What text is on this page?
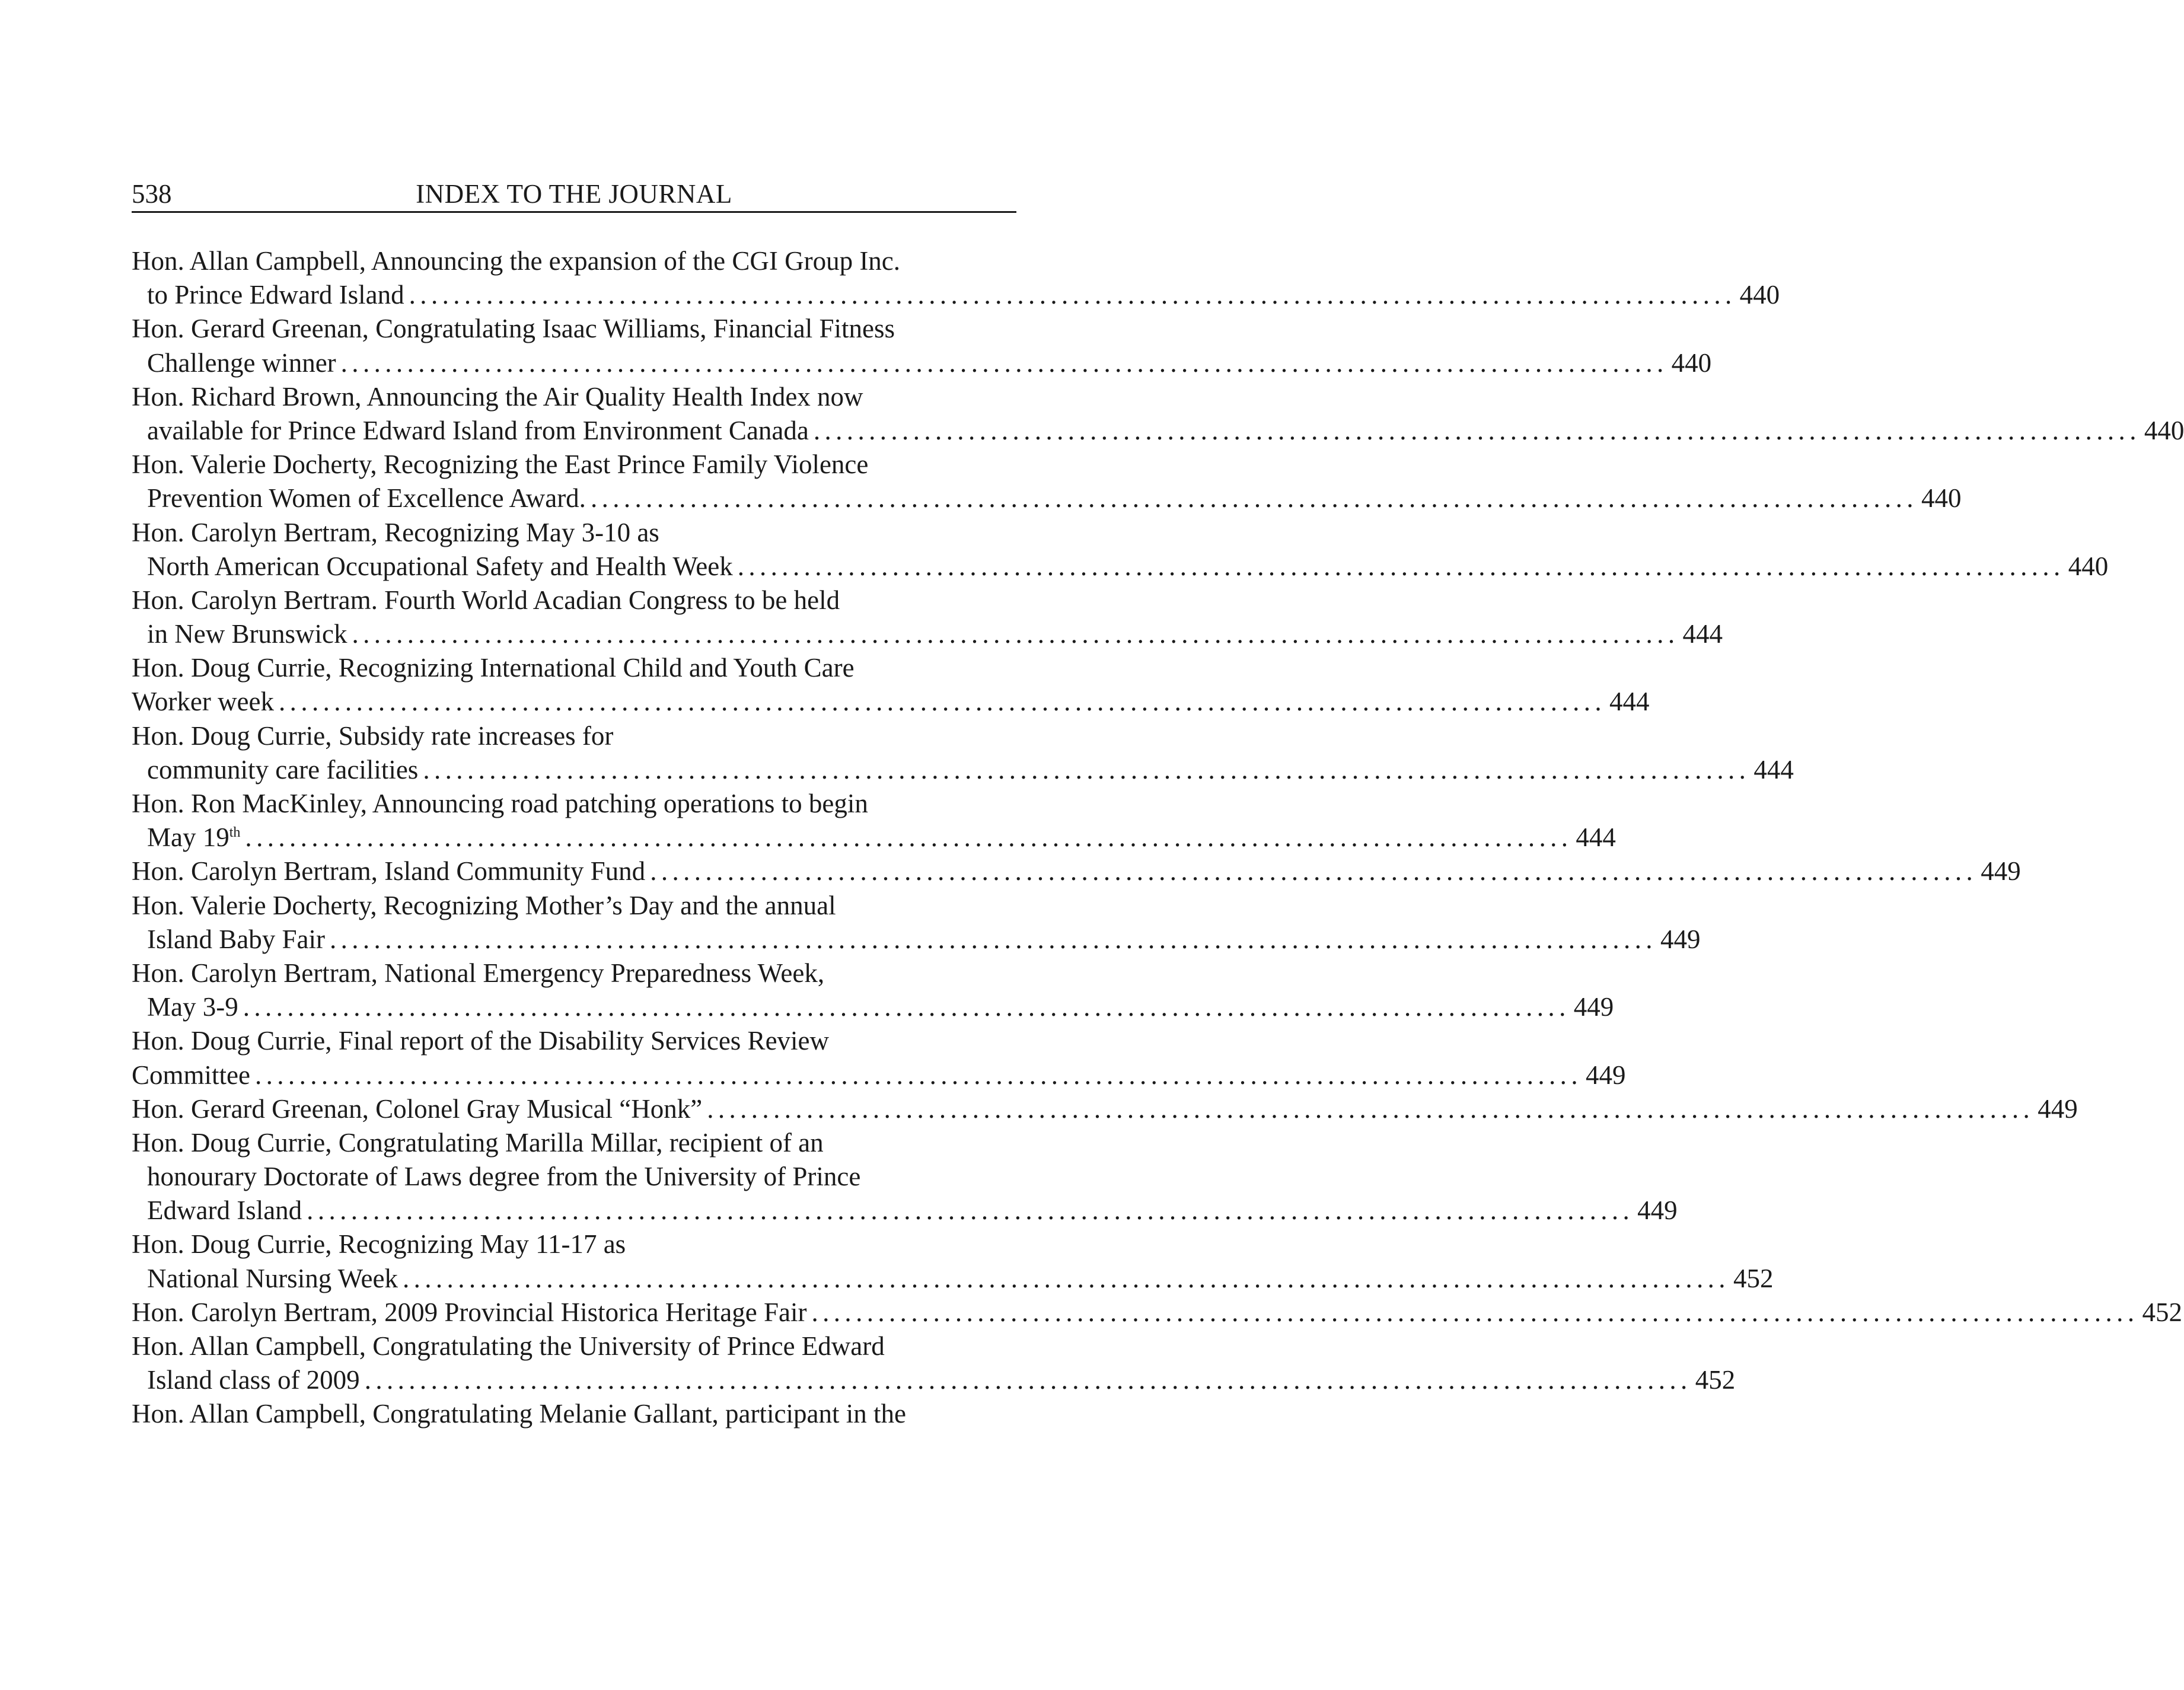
538	INDEX TO THE JOURNAL
Hon. Allan Campbell, Announcing the expansion of the CGI Group Inc.
to Prince Edward Island ........................................................................................................................ 440
Hon. Gerard Greenan, Congratulating Isaac Williams, Financial Fitness
Challenge winner ........................................................................................................................ 440
Hon. Richard Brown, Announcing the Air Quality Health Index now
available for Prince Edward Island from Environment Canada ........................................................................................................................ 440
Hon. Valerie Docherty, Recognizing the East Prince Family Violence
Prevention Women of Excellence Award. ........................................................................................................................ 440
Hon. Carolyn Bertram, Recognizing May 3-10 as
North American Occupational Safety and Health Week ........................................................................................................................ 440
Hon. Carolyn Bertram. Fourth World Acadian Congress to be held
in New Brunswick ........................................................................................................................ 444
Hon. Doug Currie, Recognizing International Child and Youth Care
Worker week ........................................................................................................................ 444
Hon. Doug Currie, Subsidy rate increases for
community care facilities ........................................................................................................................ 444
Hon. Ron MacKinley, Announcing road patching operations to begin
May 19th ........................................................................................................................ 444
Hon. Carolyn Bertram, Island Community Fund ........................................................................................................................ 449
Hon. Valerie Docherty, Recognizing Mother’s Day and the annual
Island Baby Fair ........................................................................................................................ 449
Hon. Carolyn Bertram, National Emergency Preparedness Week,
May 3-9 ........................................................................................................................ 449
Hon. Doug Currie, Final report of the Disability Services Review
Committee ........................................................................................................................ 449
Hon. Gerard Greenan, Colonel Gray Musical “Honk” ........................................................................................................................ 449
Hon. Doug Currie, Congratulating Marilla Millar, recipient of an
honourary Doctorate of Laws degree from the University of Prince
Edward Island ........................................................................................................................ 449
Hon. Doug Currie, Recognizing May 11-17 as
National Nursing Week ........................................................................................................................ 452
Hon. Carolyn Bertram, 2009 Provincial Historica Heritage Fair ........................................................................................................................ 452
Hon. Allan Campbell, Congratulating the University of Prince Edward
Island class of 2009 ........................................................................................................................ 452
Hon. Allan Campbell, Congratulating Melanie Gallant, participant in the
